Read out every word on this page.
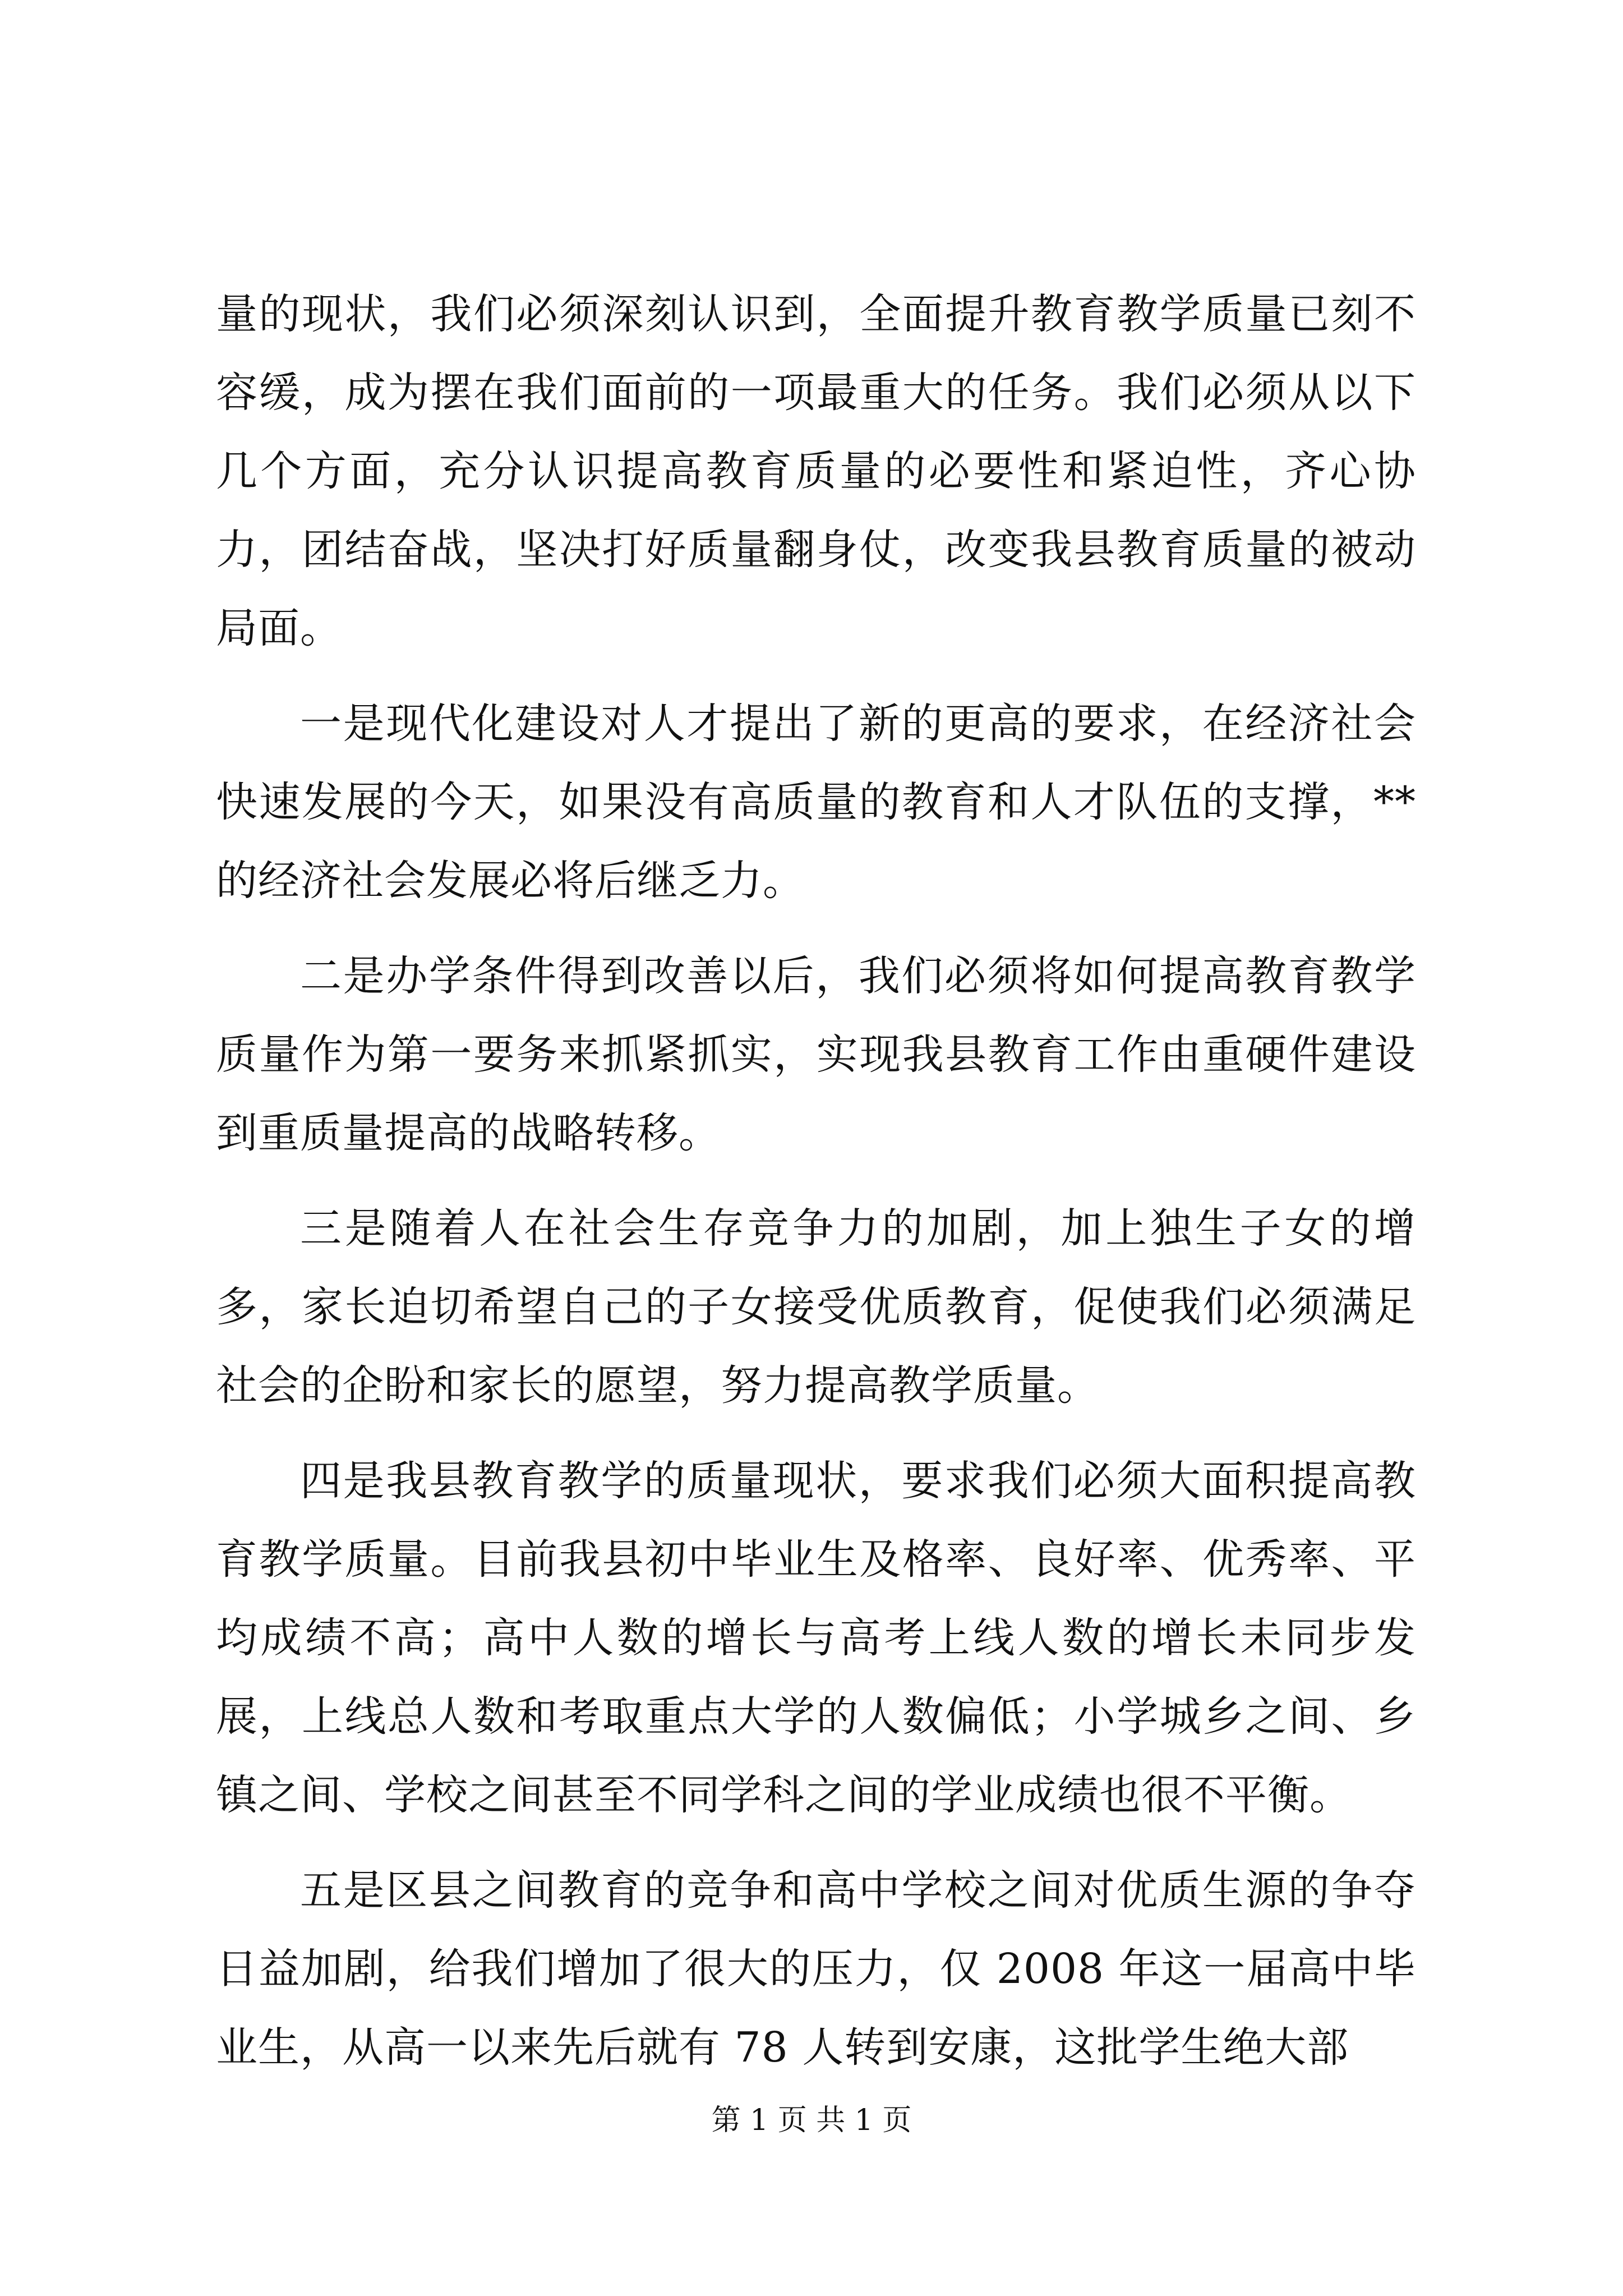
量的现状，我们必须深刻认识到，全面提升教育教学质量已刻不容缓，成为摆在我们面前的一项最重大的任务。我们必须从以下几个方面，充分认识提高教育质量的必要性和紧迫性，齐心协力，团结奋战，坚决打好质量翻身仗，改变我县教育质量的被动局面。

一是现代化建设对人才提出了新的更高的要求，在经济社会快速发展的今天，如果没有高质量的教育和人才队伍的支撑，**的经济社会发展必将后继乏力。

二是办学条件得到改善以后，我们必须将如何提高教育教学质量作为第一要务来抓紧抓实，实现我县教育工作由重硬件建设到重质量提高的战略转移。

三是随着人在社会生存竞争力的加剧，加上独生子女的增多，家长迫切希望自己的子女接受优质教育，促使我们必须满足社会的企盼和家长的愿望，努力提高教学质量。

四是我县教育教学的质量现状，要求我们必须大面积提高教育教学质量。目前我县初中毕业生及格率、良好率、优秀率、平均成绩不高；高中人数的增长与高考上线人数的增长未同步发展，上线总人数和考取重点大学的人数偏低；小学城乡之间、乡镇之间、学校之间甚至不同学科之间的学业成绩也很不平衡。

五是区县之间教育的竞争和高中学校之间对优质生源的争夺日益加剧，给我们增加了很大的压力，仅 2008 年这一届高中毕业生，从高一以来先后就有 78 人转到安康，这批学生绝大部

第 1 页 共 1 页
